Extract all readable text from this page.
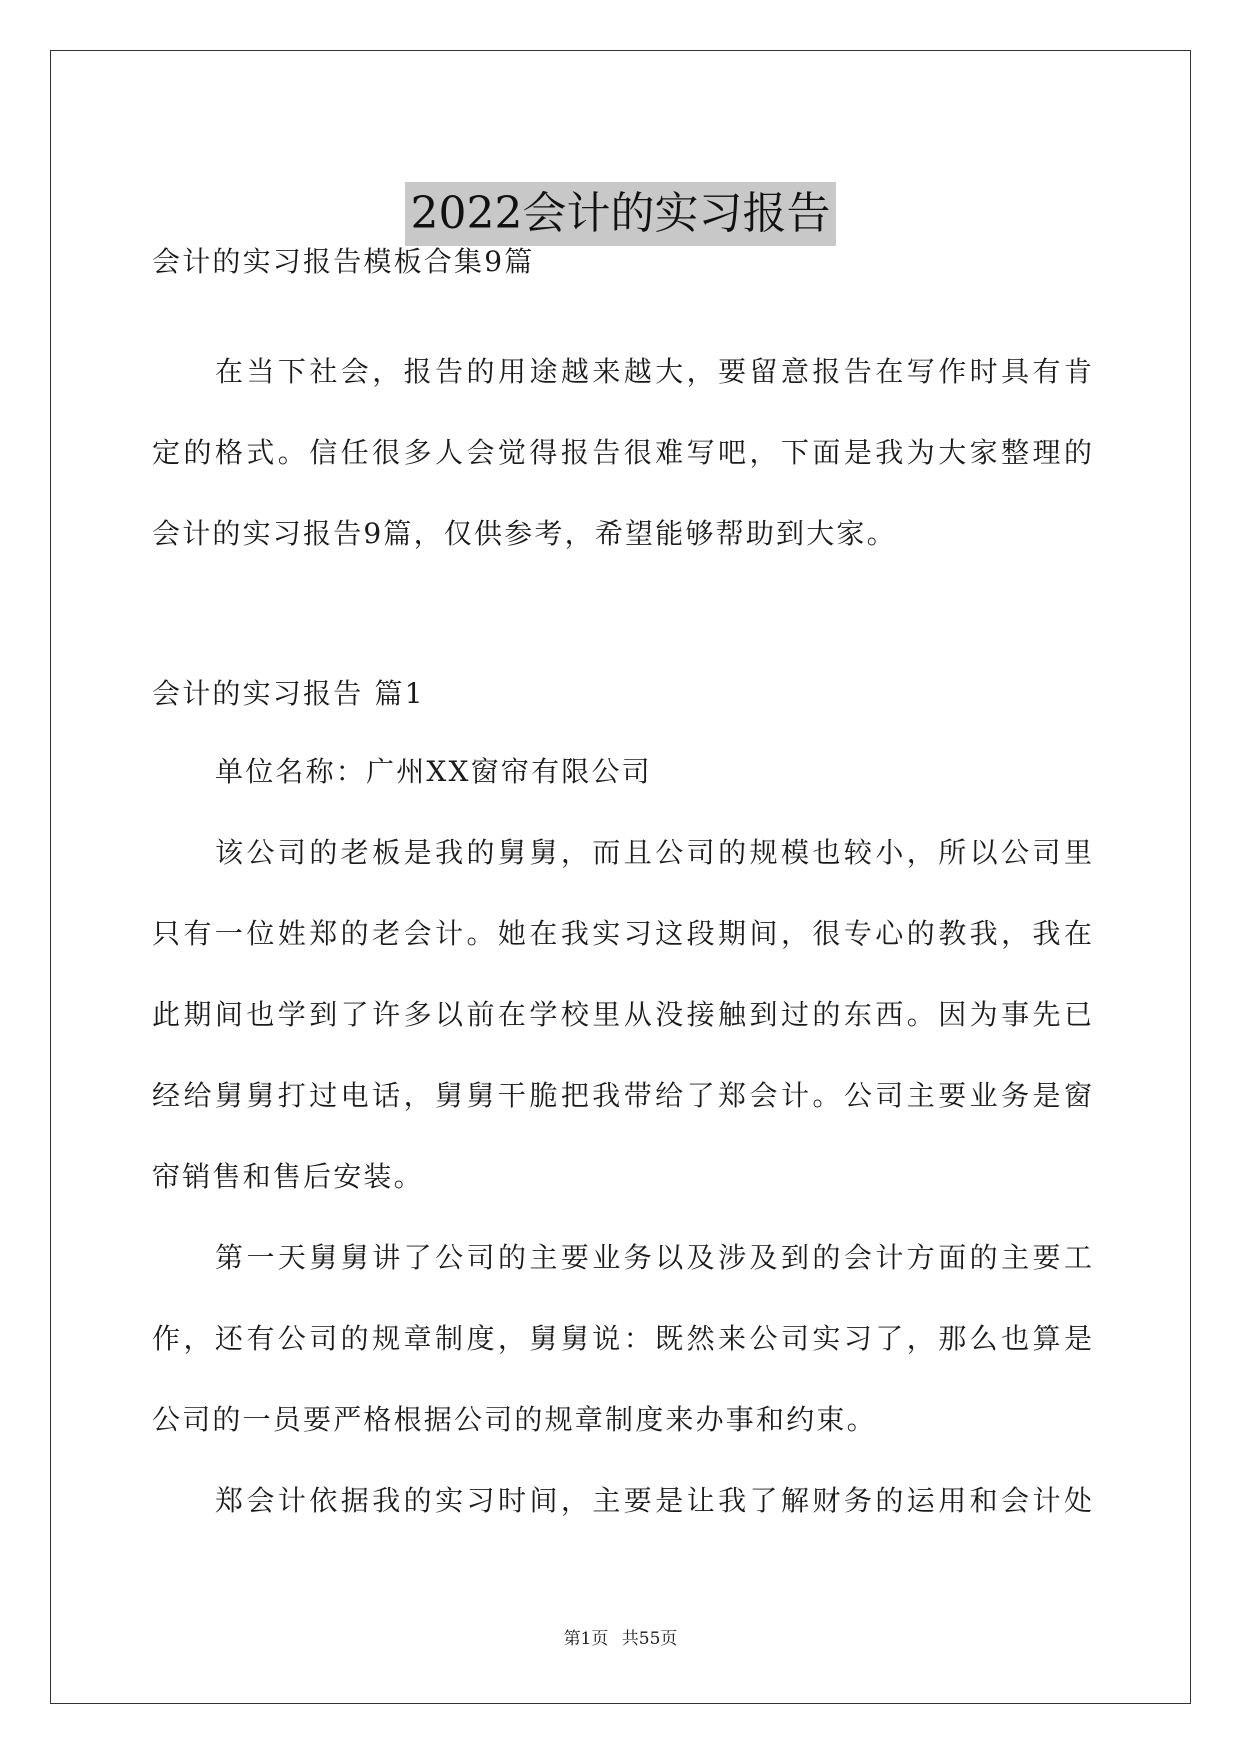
2022会计的实习报告
会计的实习报告模板合集9篇
在当下社会，报告的用途越来越大，要留意报告在写作时具有肯
定的格式。信任很多人会觉得报告很难写吧，下面是我为大家整理的
会计的实习报告9篇，仅供参考，希望能够帮助到大家。
会计的实习报告 篇1
单位名称：广州XX窗帘有限公司
该公司的老板是我的舅舅，而且公司的规模也较小，所以公司里
只有一位姓郑的老会计。她在我实习这段期间，很专心的教我，我在
此期间也学到了许多以前在学校里从没接触到过的东西。因为事先已
经给舅舅打过电话，舅舅干脆把我带给了郑会计。公司主要业务是窗
帘销售和售后安装。
第一天舅舅讲了公司的主要业务以及涉及到的会计方面的主要工
作，还有公司的规章制度，舅舅说：既然来公司实习了，那么也算是
公司的一员要严格根据公司的规章制度来办事和约束。
郑会计依据我的实习时间，主要是让我了解财务的运用和会计处
第1页 共55页
